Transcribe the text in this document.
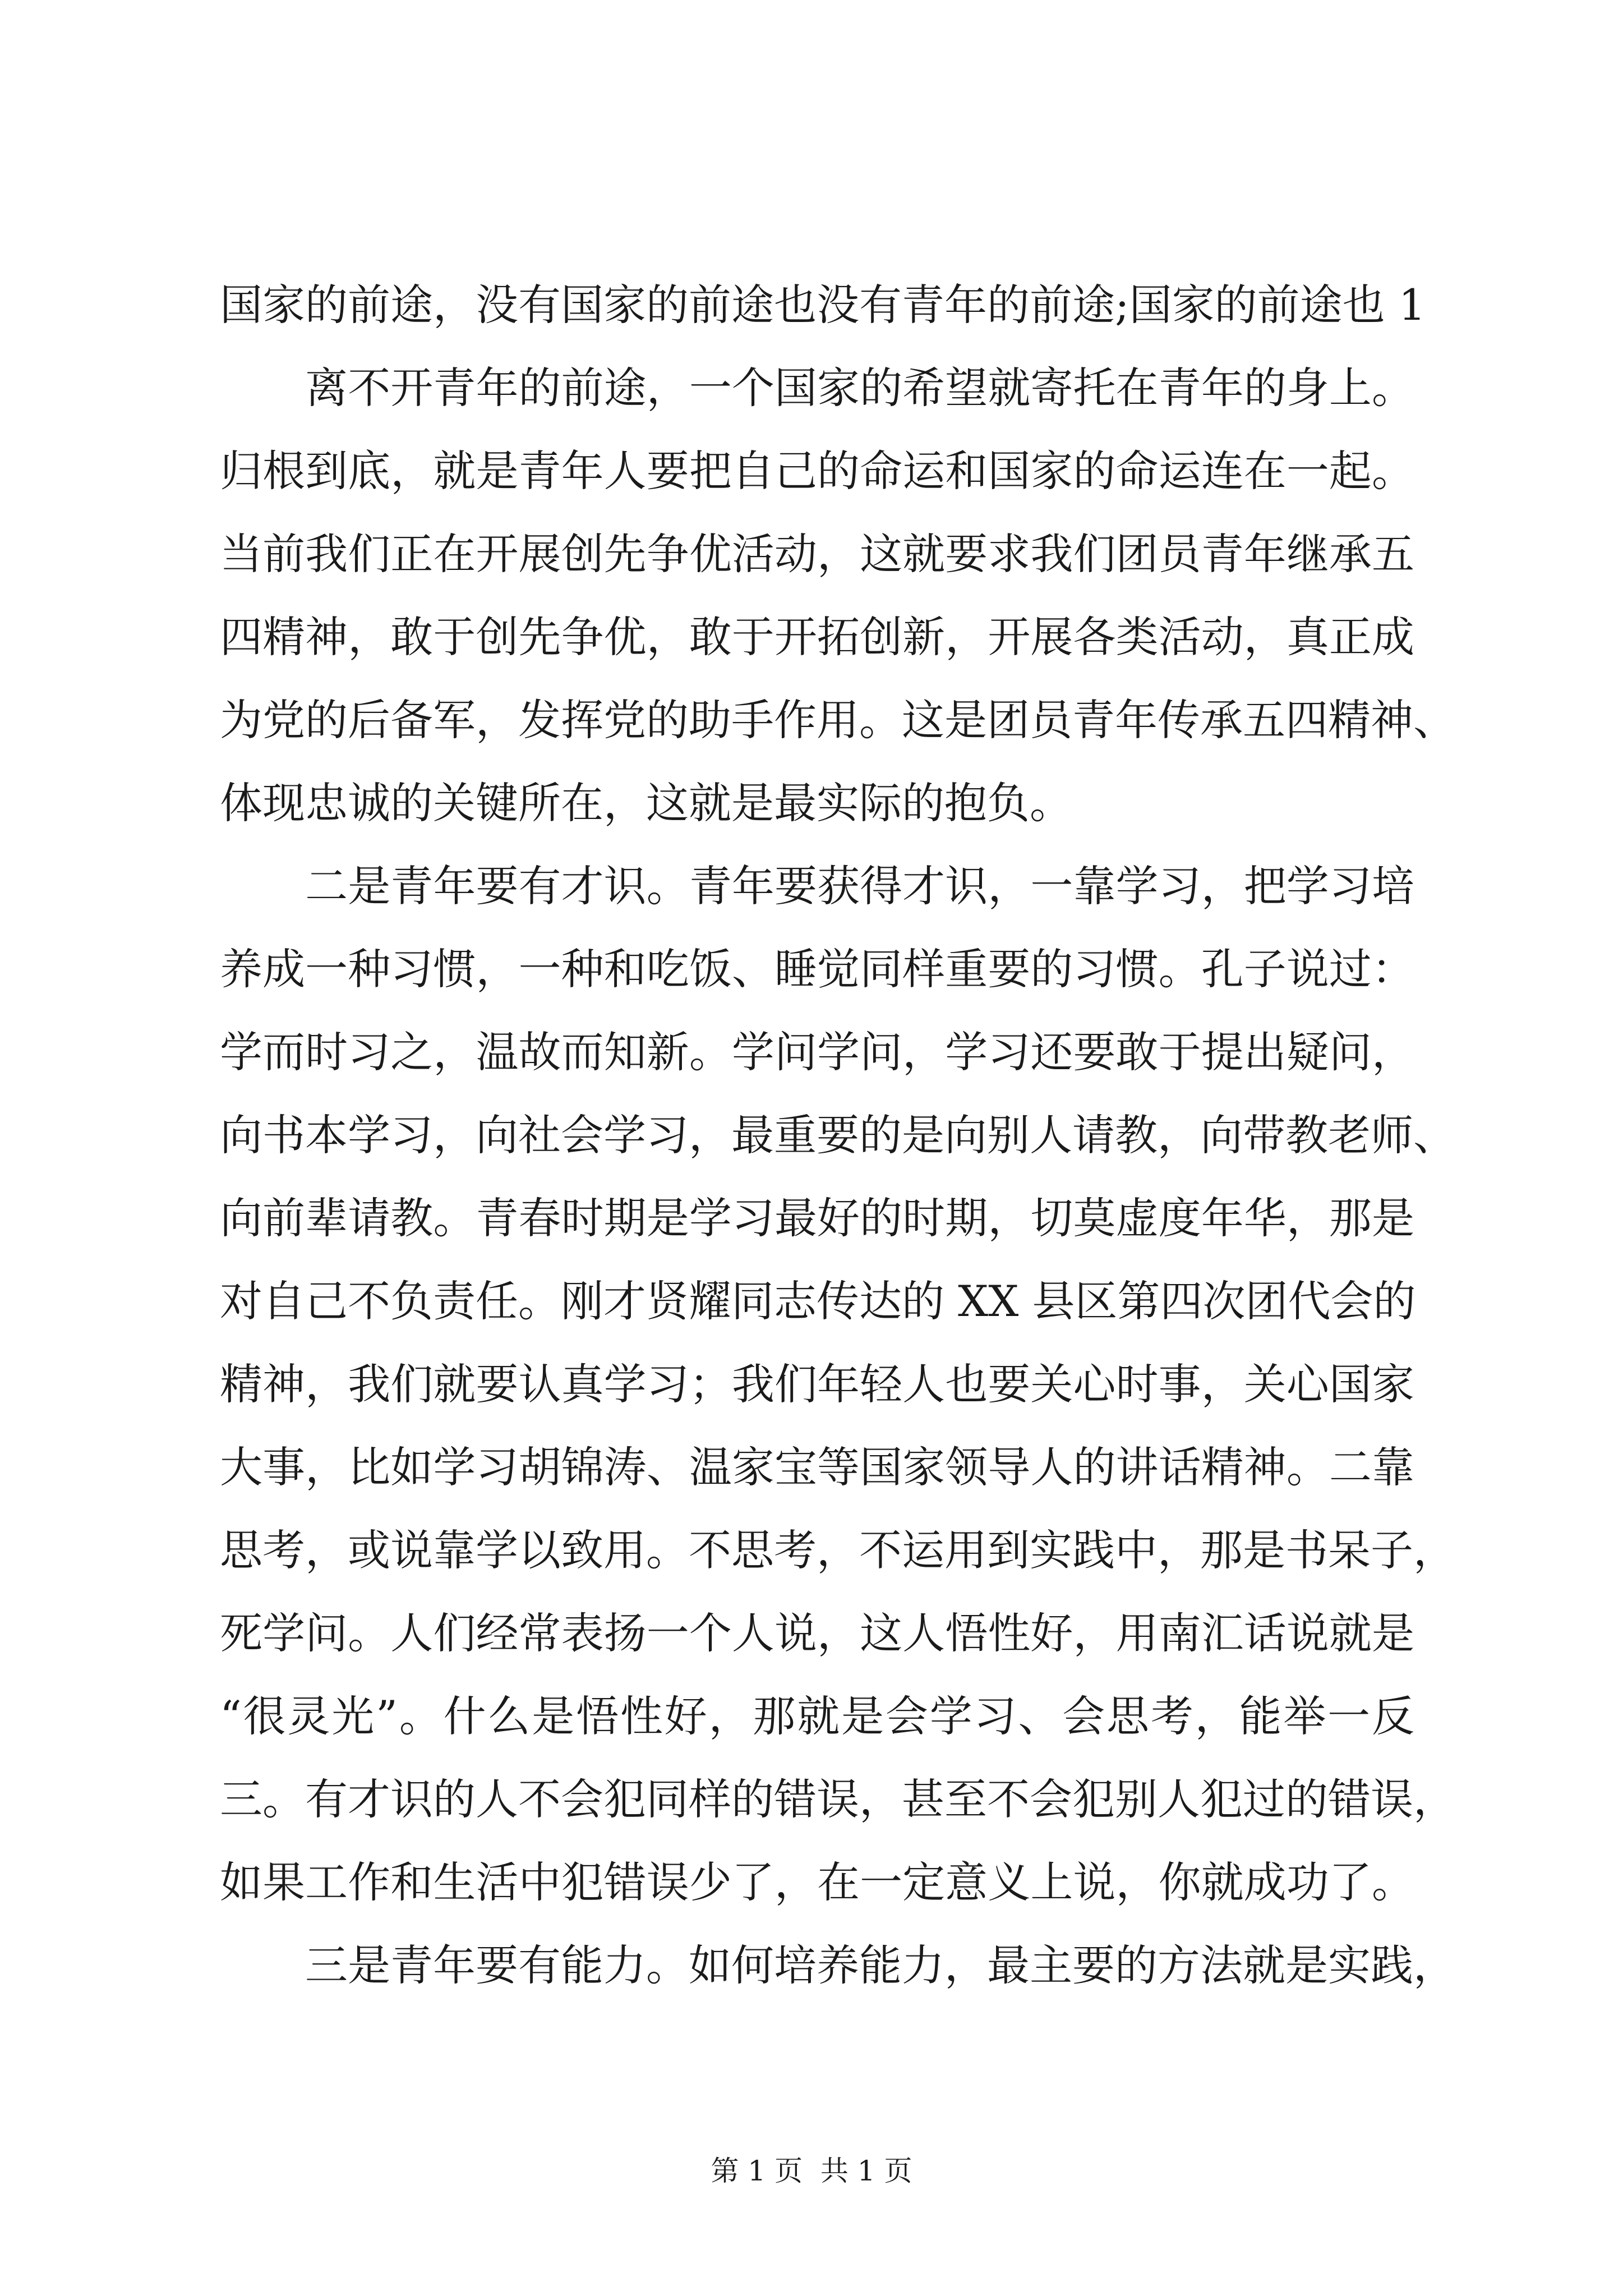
国家的前途，没有国家的前途也没有青年的前途;国家的前途也 1
　　离不开青年的前途，一个国家的希望就寄托在青年的身上。
归根到底，就是青年人要把自己的命运和国家的命运连在一起。
当前我们正在开展创先争优活动，这就要求我们团员青年继承五
四精神，敢于创先争优，敢于开拓创新，开展各类活动，真正成
为党的后备军，发挥党的助手作用。这是团员青年传承五四精神、
体现忠诚的关键所在，这就是最实际的抱负。
　　二是青年要有才识。青年要获得才识，一靠学习，把学习培
养成一种习惯，一种和吃饭、睡觉同样重要的习惯。孔子说过：
学而时习之，温故而知新。学问学问，学习还要敢于提出疑问，
向书本学习，向社会学习，最重要的是向别人请教，向带教老师、
向前辈请教。青春时期是学习最好的时期，切莫虚度年华，那是
对自己不负责任。刚才贤耀同志传达的 XX 县区第四次团代会的
精神，我们就要认真学习；我们年轻人也要关心时事，关心国家
大事，比如学习胡锦涛、温家宝等国家领导人的讲话精神。二靠
思考，或说靠学以致用。不思考，不运用到实践中，那是书呆子，
死学问。人们经常表扬一个人说，这人悟性好，用南汇话说就是
“很灵光”。什么是悟性好，那就是会学习、会思考，能举一反
三。有才识的人不会犯同样的错误，甚至不会犯别人犯过的错误，
如果工作和生活中犯错误少了，在一定意义上说，你就成功了。
　　三是青年要有能力。如何培养能力，最主要的方法就是实践，
第 1 页  共 1 页
